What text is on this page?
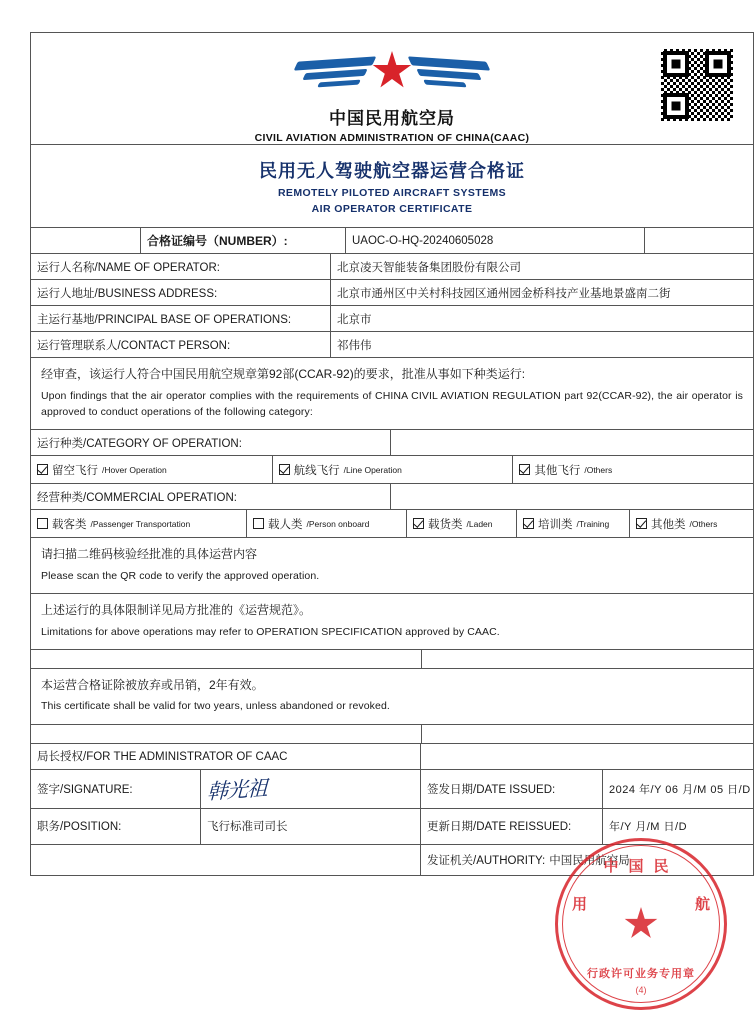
中国民用航空局
CIVIL AVIATION ADMINISTRATION OF CHINA(CAAC)
民用无人驾驶航空器运营合格证
REMOTELY PILOTED AIRCRAFT SYSTEMS
AIR OPERATOR CERTIFICATE
合格证编号（NUMBER）:	UAOC-O-HQ-20240605028
运行人名称/NAME OF OPERATOR:	北京凌天智能装备集团股份有限公司
运行人地址/BUSINESS ADDRESS:	北京市通州区中关村科技园区通州园金桥科技产业基地景盛南二街
主运行基地/PRINCIPAL BASE OF OPERATIONS:	北京市
运行管理联系人/CONTACT PERSON:	祁伟伟
经审查，该运行人符合中国民用航空规章第92部(CCAR-92)的要求，批准从事如下种类运行:
Upon findings that the air operator complies with the requirements of CHINA CIVIL AVIATION REGULATION part 92(CCAR-92), the air operator is approved to conduct operations of the following category:
运行种类/CATEGORY OF OPERATION:
留空飞行 /Hover Operation	航线飞行 /Line Operation	其他飞行 /Others
经营种类/COMMERCIAL OPERATION:
载客类 /Passenger Transportation	载人类 /Person onboard	载货类 /Laden	培训类 /Training	其他类 /Others
请扫描二维码核验经批准的具体运营内容
Please scan the QR code to verify the approved operation.
上述运行的具体限制详见局方批准的《运营规范》。
Limitations for above operations may refer to OPERATION SPECIFICATION approved by CAAC.
本运营合格证除被放弃或吊销，2年有效。
This certificate shall be valid for two years, unless abandoned or revoked.
局长授权/FOR THE ADMINISTRATOR OF CAAC
签字/SIGNATURE:	韩光祖	签发日期/DATE ISSUED:	2024 年/Y 06 月/M 05 日/D
职务/POSITION:	飞行标准司司长	更新日期/DATE REISSUED:	年/Y 月/M 日/D
发证机关/AUTHORITY: 中国民用航空局
中国民
用	航
行政许可业务专用章
(4)
